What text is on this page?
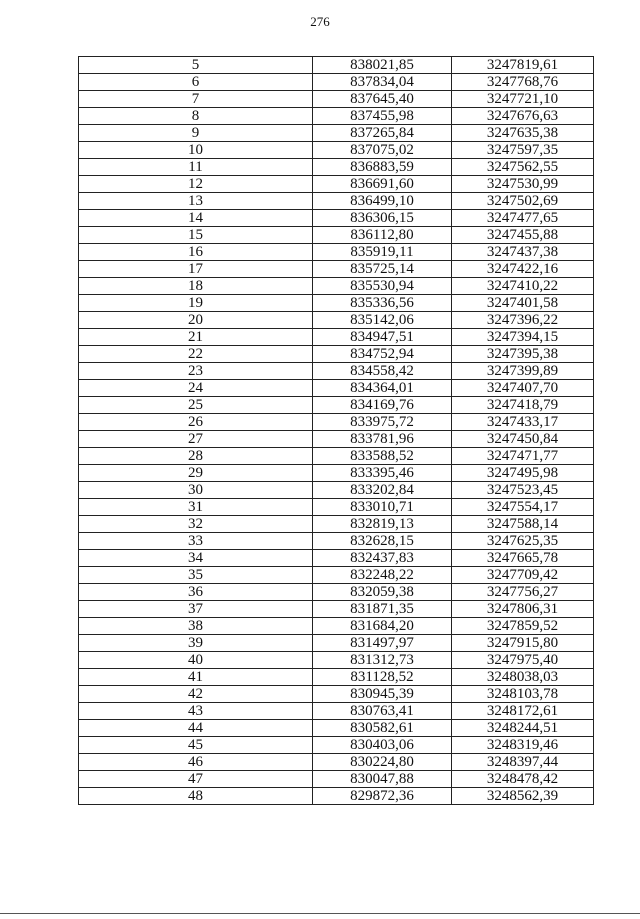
276
5	838021,85	3247819,61
6	837834,04	3247768,76
7	837645,40	3247721,10
8	837455,98	3247676,63
9	837265,84	3247635,38
10	837075,02	3247597,35
11	836883,59	3247562,55
12	836691,60	3247530,99
13	836499,10	3247502,69
14	836306,15	3247477,65
15	836112,80	3247455,88
16	835919,11	3247437,38
17	835725,14	3247422,16
18	835530,94	3247410,22
19	835336,56	3247401,58
20	835142,06	3247396,22
21	834947,51	3247394,15
22	834752,94	3247395,38
23	834558,42	3247399,89
24	834364,01	3247407,70
25	834169,76	3247418,79
26	833975,72	3247433,17
27	833781,96	3247450,84
28	833588,52	3247471,77
29	833395,46	3247495,98
30	833202,84	3247523,45
31	833010,71	3247554,17
32	832819,13	3247588,14
33	832628,15	3247625,35
34	832437,83	3247665,78
35	832248,22	3247709,42
36	832059,38	3247756,27
37	831871,35	3247806,31
38	831684,20	3247859,52
39	831497,97	3247915,80
40	831312,73	3247975,40
41	831128,52	3248038,03
42	830945,39	3248103,78
43	830763,41	3248172,61
44	830582,61	3248244,51
45	830403,06	3248319,46
46	830224,80	3248397,44
47	830047,88	3248478,42
48	829872,36	3248562,39
